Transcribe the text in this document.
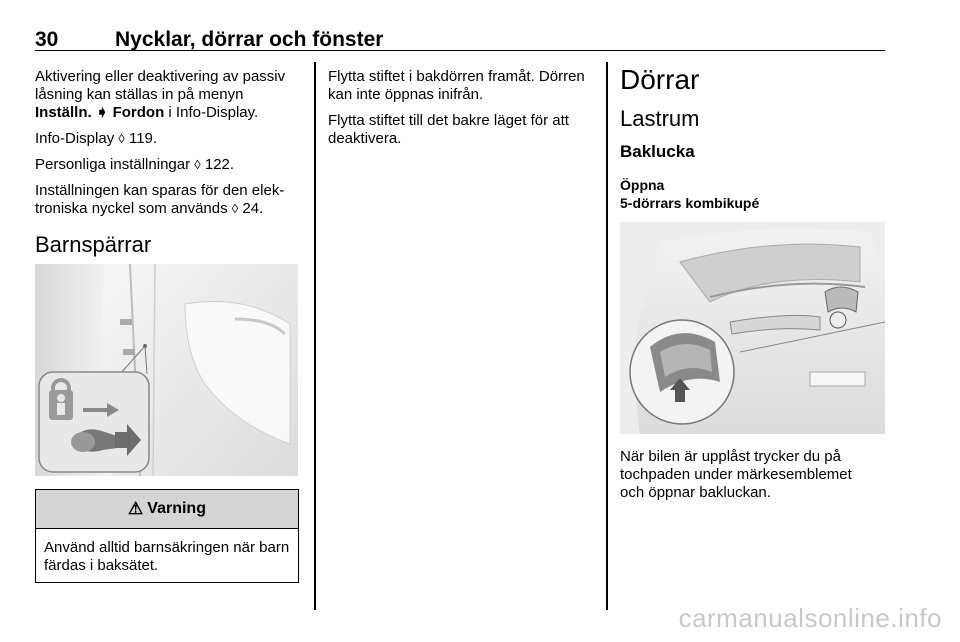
30	Nycklar, dörrar och fönster

Aktivering eller deaktivering av passiv låsning kan ställas in på menyn Inställn. ➧ Fordon i Info-Display.

Info-Display ◊ 119.

Personliga inställningar ◊ 122.

Inställningen kan sparas för den elek-
troniska nyckel som används ◊ 24.

Barnspärrar
⚠ Varning
Använd alltid barnsäkringen när barn färdas i baksätet.

Flytta stiftet i bakdörren framåt. Dörren kan inte öppnas inifrån.

Flytta stiftet till det bakre läget för att deaktivera.

Dörrar
Lastrum
Baklucka
Öppna
5-dörrars kombikupé
När bilen är upplåst trycker du på tochpaden under märkesemblemet och öppnar bakluckan.
carmanualsonline.info
